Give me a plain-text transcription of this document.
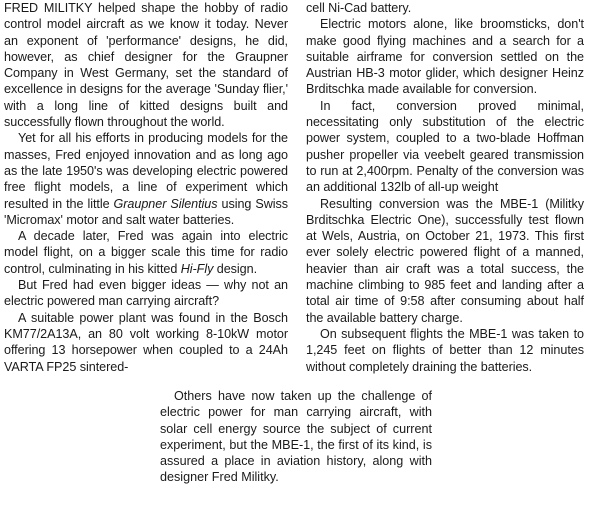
FRED MILITKY helped shape the hobby of radio control model aircraft as we know it today. Never an exponent of 'performance' designs, he did, however, as chief designer for the Graupner Company in West Germany, set the standard of excellence in designs for the average 'Sunday flier,' with a long line of kitted designs built and successfully flown throughout the world.

Yet for all his efforts in producing models for the masses, Fred enjoyed innovation and as long ago as the late 1950's was developing electric powered free flight models, a line of experiment which resulted in the little Graupner Silentius using Swiss 'Micromax' motor and salt water batteries.

A decade later, Fred was again into electric model flight, on a bigger scale this time for radio control, culminating in his kitted Hi-Fly design.

But Fred had even bigger ideas — why not an electric powered man carrying aircraft?

A suitable power plant was found in the Bosch KM77/2A13A, an 80 volt working 8-10kW motor offering 13 horsepower when coupled to a 24Ah VARTA FP25 sintered-

cell Ni-Cad battery.

Electric motors alone, like broomsticks, don't make good flying machines and a search for a suitable airframe for conversion settled on the Austrian HB-3 motor glider, which designer Heinz Brditschka made available for conversion.

In fact, conversion proved minimal, necessitating only substitution of the electric power system, coupled to a two-blade Hoffman pusher propeller via veebelt geared transmission to run at 2,400rpm. Penalty of the conversion was an additional 132lb of all-up weight

Resulting conversion was the MBE-1 (Militky Brditschka Electric One), successfully test flown at Wels, Austria, on October 21, 1973. This first ever solely electric powered flight of a manned, heavier than air craft was a total success, the machine climbing to 985 feet and landing after a total air time of 9:58 after consuming about half the available battery charge.

On subsequent flights the MBE-1 was taken to 1,245 feet on flights of better than 12 minutes without completely draining the batteries.

Others have now taken up the challenge of electric power for man carrying aircraft, with solar cell energy source the subject of current experiment, but the MBE-1, the first of its kind, is assured a place in aviation history, along with designer Fred Militky.
